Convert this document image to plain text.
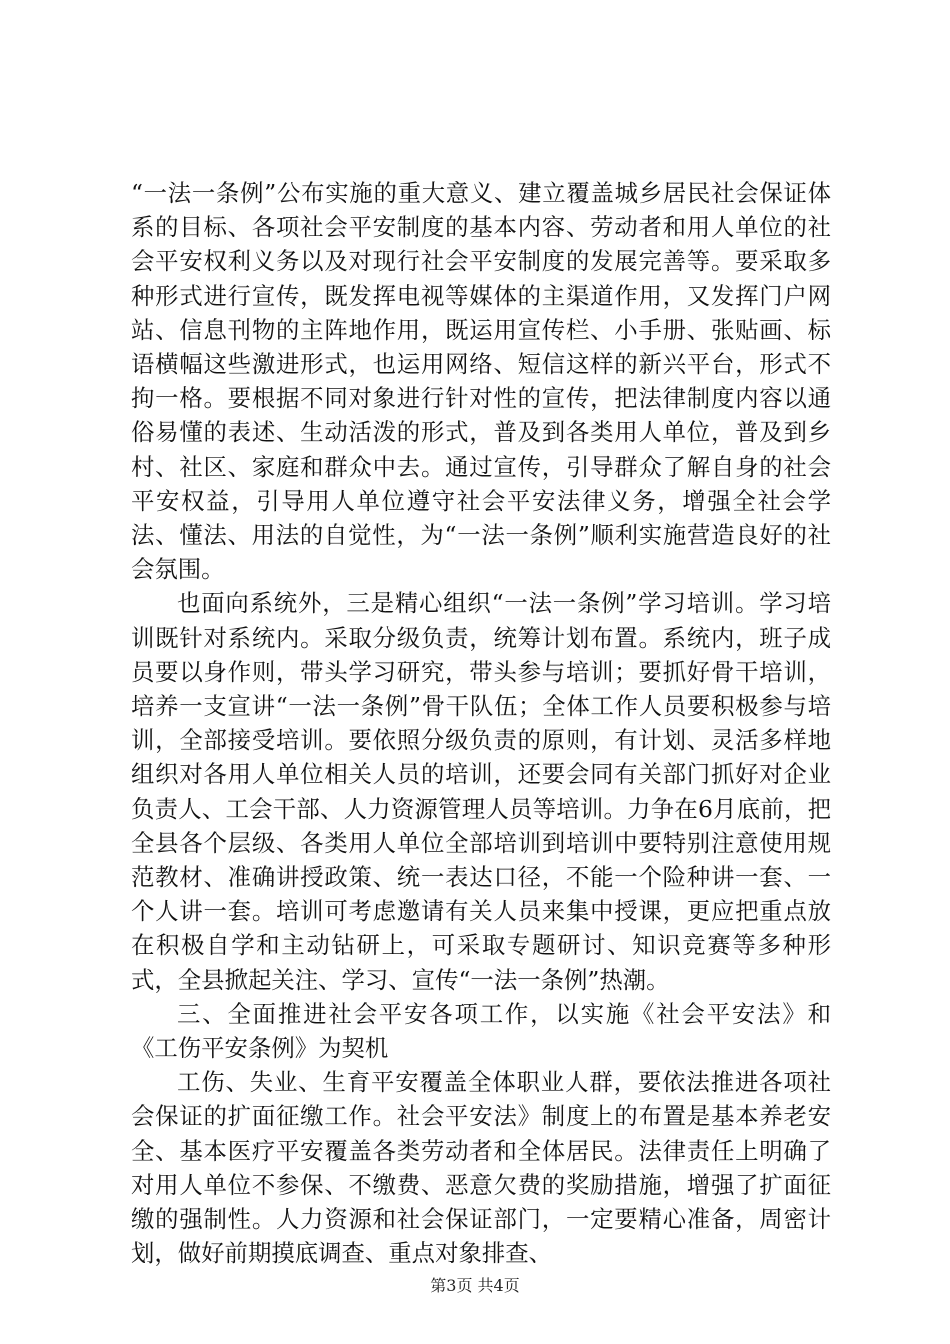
“一法一条例”公布实施的重大意义、建立覆盖城乡居民社会保证体系的目标、各项社会平安制度的基本内容、劳动者和用人单位的社会平安权利义务以及对现行社会平安制度的发展完善等。要采取多种形式进行宣传，既发挥电视等媒体的主渠道作用，又发挥门户网站、信息刊物的主阵地作用，既运用宣传栏、小手册、张贴画、标语横幅这些激进形式，也运用网络、短信这样的新兴平台，形式不拘一格。要根据不同对象进行针对性的宣传，把法律制度内容以通俗易懂的表述、生动活泼的形式，普及到各类用人单位，普及到乡村、社区、家庭和群众中去。通过宣传，引导群众了解自身的社会平安权益，引导用人单位遵守社会平安法律义务，增强全社会学法、懂法、用法的自觉性，为“一法一条例”顺利实施营造良好的社会氛围。

也面向系统外，三是精心组织“一法一条例”学习培训。学习培训既针对系统内。采取分级负责，统筹计划布置。系统内，班子成员要以身作则，带头学习研究，带头参与培训；要抓好骨干培训，培养一支宣讲“一法一条例”骨干队伍；全体工作人员要积极参与培训，全部接受培训。要依照分级负责的原则，有计划、灵活多样地组织对各用人单位相关人员的培训，还要会同有关部门抓好对企业负责人、工会干部、人力资源管理人员等培训。力争在6月底前，把全县各个层级、各类用人单位全部培训到培训中要特别注意使用规范教材、准确讲授政策、统一表达口径，不能一个险种讲一套、一个人讲一套。培训可考虑邀请有关人员来集中授课，更应把重点放在积极自学和主动钻研上，可采取专题研讨、知识竞赛等多种形式，全县掀起关注、学习、宣传“一法一条例”热潮。

三、全面推进社会平安各项工作，以实施《社会平安法》和《工伤平安条例》为契机

工伤、失业、生育平安覆盖全体职业人群，要依法推进各项社会保证的扩面征缴工作。社会平安法》制度上的布置是基本养老安全、基本医疗平安覆盖各类劳动者和全体居民。法律责任上明确了对用人单位不参保、不缴费、恶意欠费的奖励措施，增强了扩面征缴的强制性。人力资源和社会保证部门，一定要精心准备，周密计划，做好前期摸底调查、重点对象排查、

第3页 共4页
